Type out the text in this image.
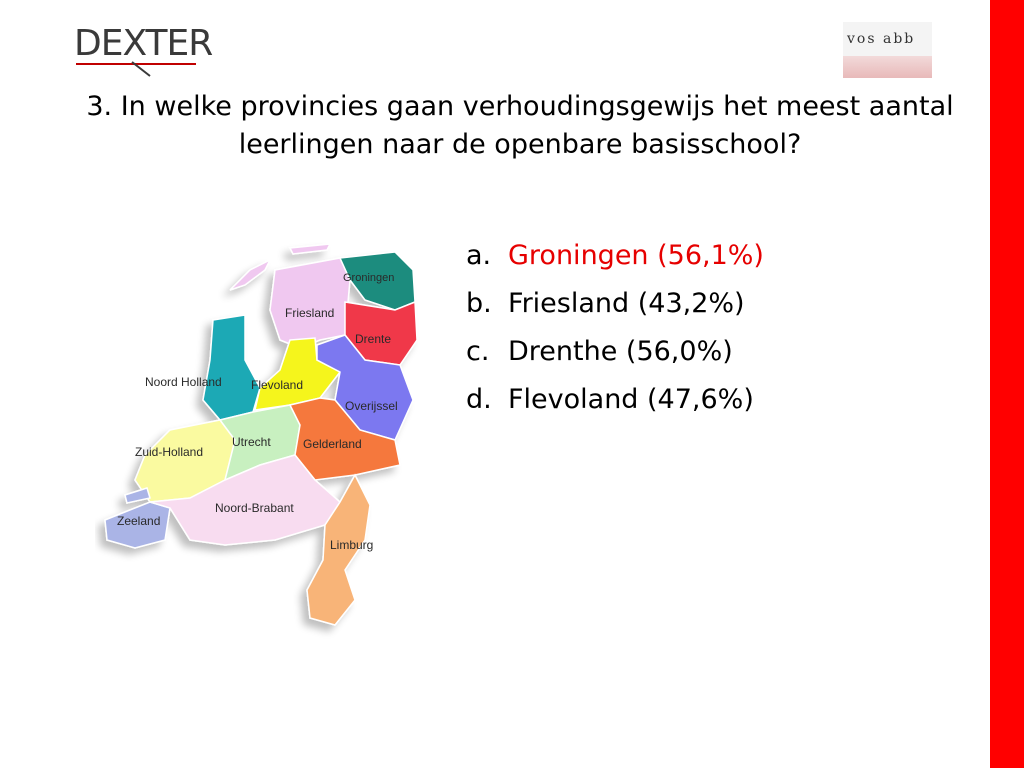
DEXTER	vos abb
3. In welke provincies gaan verhoudingsgewijs het meest aantal leerlingen naar de openbare basisschool?
a. Groningen (56,1%)
b. Friesland (43,2%)
c. Drenthe (56,0%)
d. Flevoland (47,6%)
Groningen
Friesland
Drente
Noord Holland Flevoland
Overijssel
Zuid-Holland
Utrecht	Gelderland
Zeeland
Noord-Brabant
Limburg
